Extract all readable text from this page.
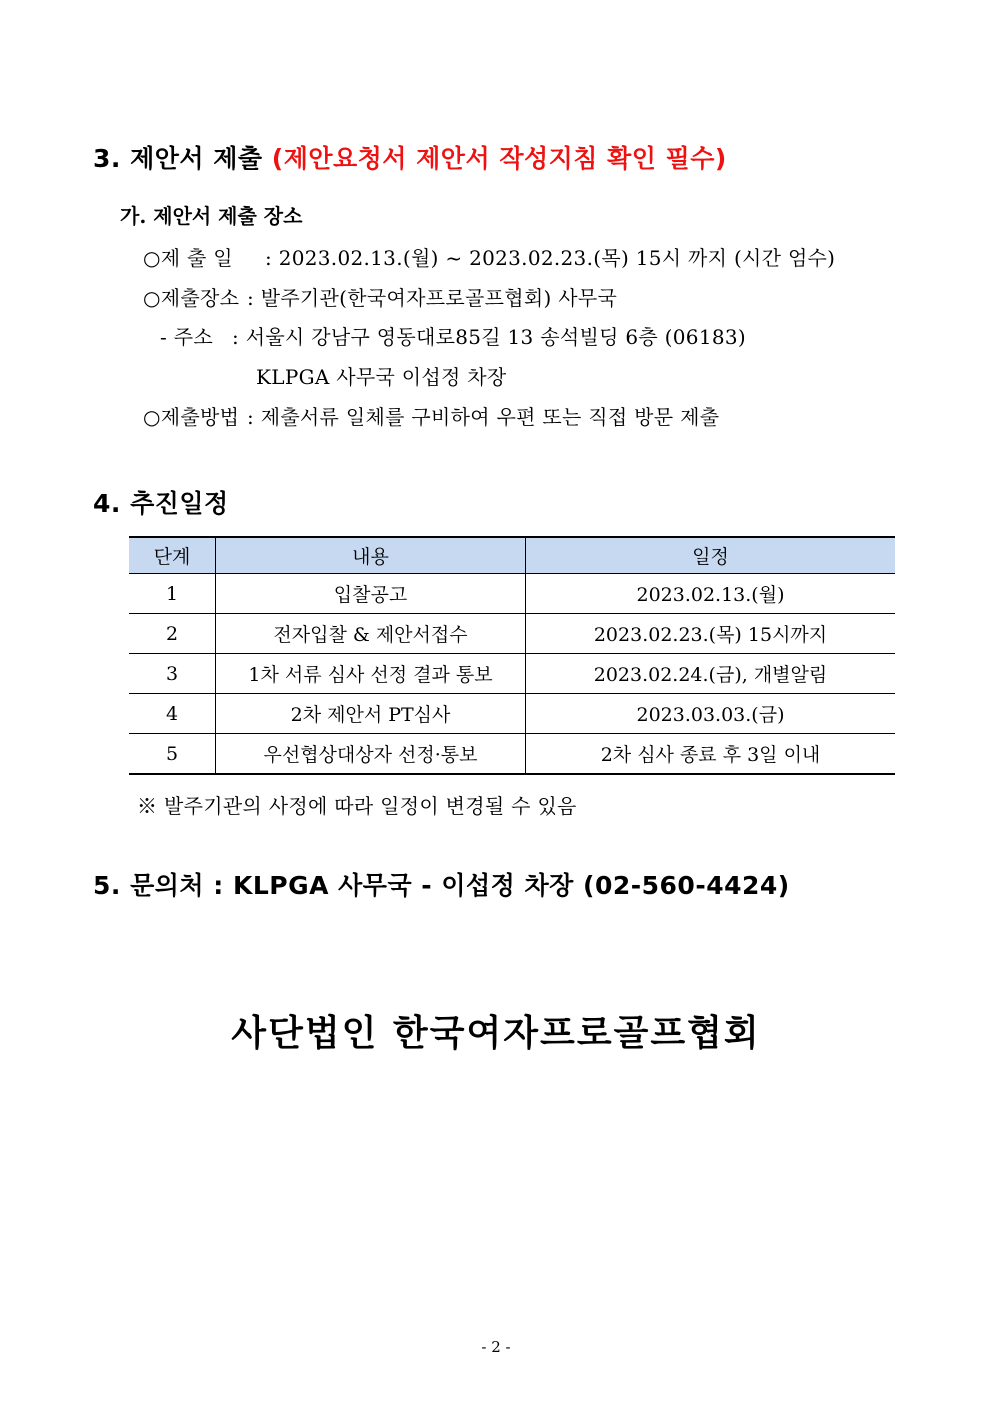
3. 제안서 제출 (제안요청서 제안서 작성지침 확인 필수)
가. 제안서 제출 장소
○제 출 일 : 2023.02.13.(월) ~ 2023.02.23.(목) 15시 까지 (시간 엄수)
○제출장소 : 발주기관(한국여자프로골프협회) 사무국
- 주소 : 서울시 강남구 영동대로85길 13 송석빌딩 6층 (06183)
KLPGA 사무국 이섭정 차장
○제출방법 : 제출서류 일체를 구비하여 우편 또는 직접 방문 제출
4. 추진일정
단계	내용	일정
1	입찰공고	2023.02.13.(월)
2	전자입찰 & 제안서접수	2023.02.23.(목) 15시까지
3	1차 서류 심사 선정 결과 통보	2023.02.24.(금), 개별알림
4	2차 제안서 PT심사	2023.03.03.(금)
5	우선협상대상자 선정·통보	2차 심사 종료 후 3일 이내
※ 발주기관의 사정에 따라 일정이 변경될 수 있음
5. 문의처 : KLPGA 사무국 - 이섭정 차장 (02-560-4424)
사단법인 한국여자프로골프협회
- 2 -
